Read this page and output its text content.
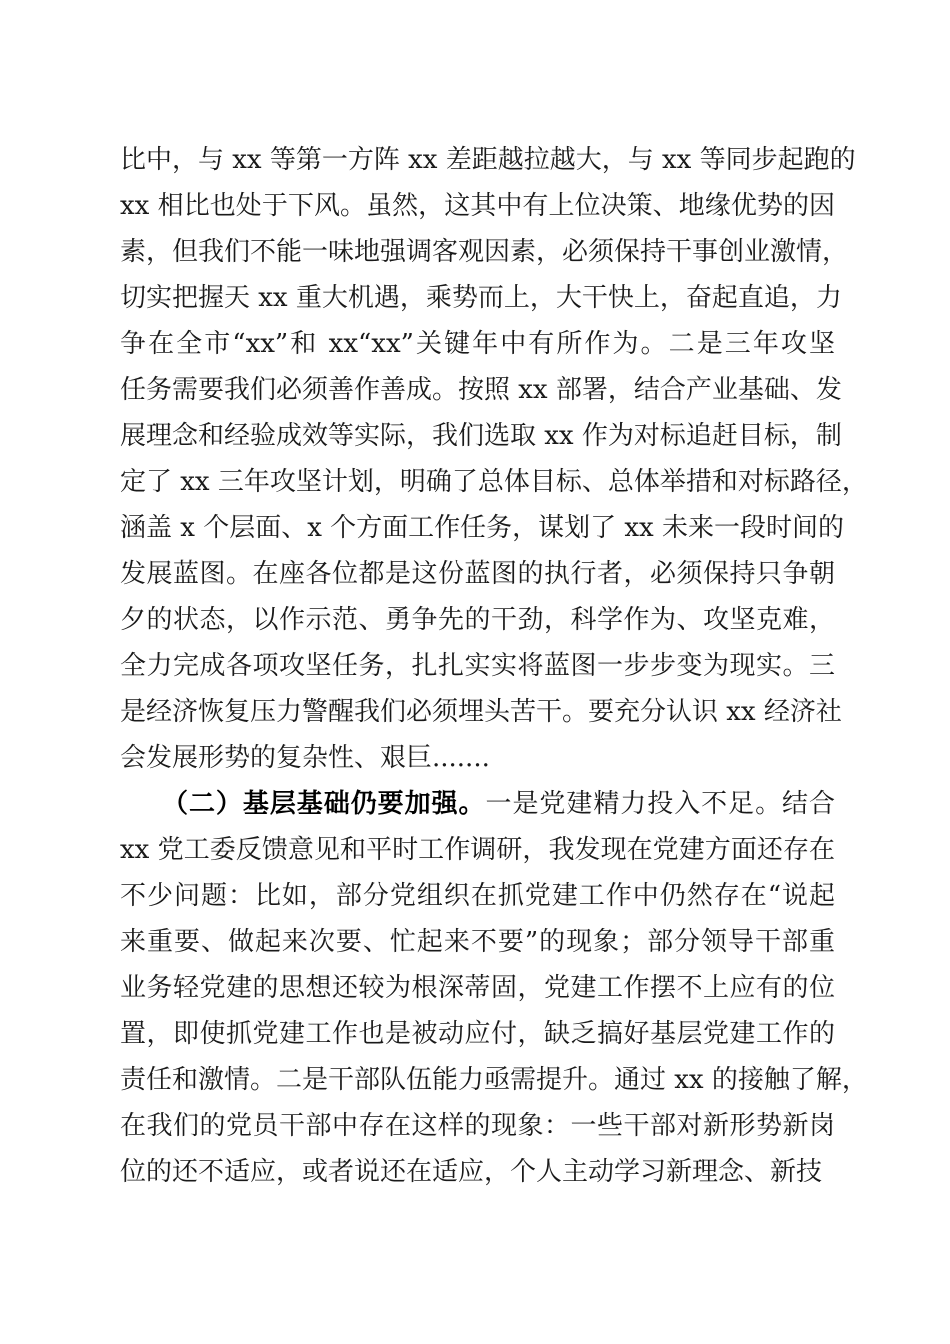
比中，与 xx 等第一方阵 xx 差距越拉越大，与 xx 等同步起跑的
xx 相比也处于下风。虽然，这其中有上位决策、地缘优势的因
素，但我们不能一味地强调客观因素，必须保持干事创业激情，
切实把握天 xx 重大机遇，乘势而上，大干快上，奋起直追，力
争在全市“xx”和 xx“xx”关键年中有所作为。二是三年攻坚
任务需要我们必须善作善成。按照 xx 部署，结合产业基础、发
展理念和经验成效等实际，我们选取 xx 作为对标追赶目标，制
定了 xx 三年攻坚计划，明确了总体目标、总体举措和对标路径，
涵盖 x 个层面、x 个方面工作任务，谋划了 xx 未来一段时间的
发展蓝图。在座各位都是这份蓝图的执行者，必须保持只争朝
夕的状态，以作示范、勇争先的干劲，科学作为、攻坚克难，
全力完成各项攻坚任务，扎扎实实将蓝图一步步变为现实。三
是经济恢复压力警醒我们必须埋头苦干。要充分认识 xx 经济社
会发展形势的复杂性、艰巨.......
（二）基层基础仍要加强。一是党建精力投入不足。结合
xx 党工委反馈意见和平时工作调研，我发现在党建方面还存在
不少问题：比如，部分党组织在抓党建工作中仍然存在“说起
来重要、做起来次要、忙起来不要”的现象；部分领导干部重
业务轻党建的思想还较为根深蒂固，党建工作摆不上应有的位
置，即使抓党建工作也是被动应付，缺乏搞好基层党建工作的
责任和激情。二是干部队伍能力亟需提升。通过 xx 的接触了解，
在我们的党员干部中存在这样的现象：一些干部对新形势新岗
位的还不适应，或者说还在适应，个人主动学习新理念、新技
